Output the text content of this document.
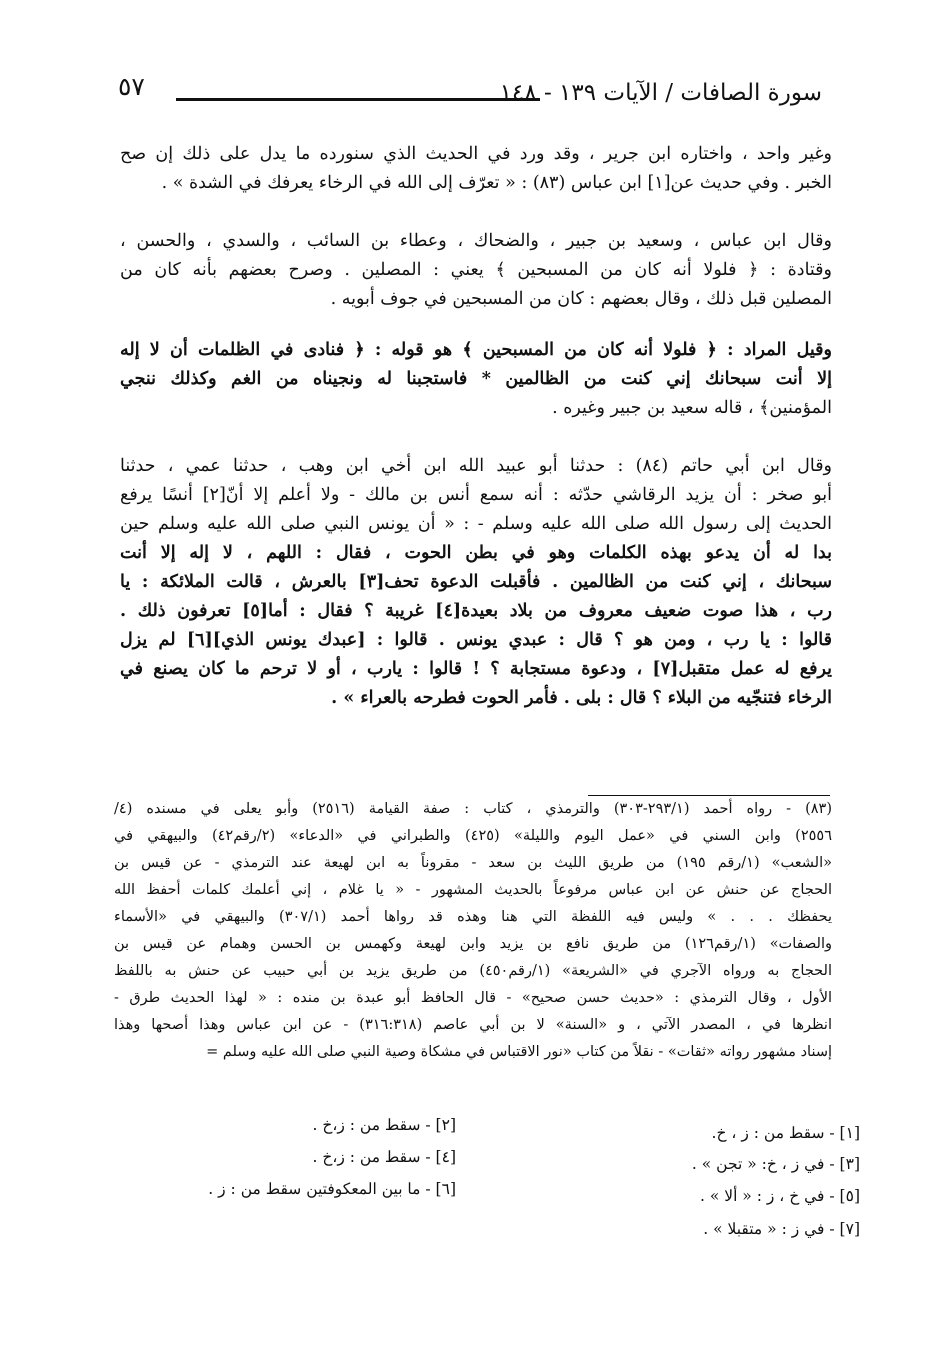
سورة الصافات / الآيات ١٣٩ - ١٤٨
٥٧
وغير واحد ، واختاره ابن جرير ، وقد ورد في الحديث الذي سنورده ما يدل على ذلك إن صح
الخبر . وفي حديث عن[١] ابن عباس (٨٣) : « تعرّف إلى الله في الرخاء يعرفك في الشدة » .
وقال ابن عباس ، وسعيد بن جبير ، والضحاك ، وعطاء بن السائب ، والسدي ، والحسن ،
وقتادة : ﴿ فلولا أنه كان من المسبحين ﴾ يعني : المصلين . وصرح بعضهم بأنه كان من
المصلين قبل ذلك ، وقال بعضهم : كان من المسبحين في جوف أبويه .
وقيل المراد : ﴿ فلولا أنه كان من المسبحين ﴾ هو قوله : ﴿ فنادى في الظلمات أن لا إله
إلا أنت سبحانك إني كنت من الظالمين * فاستجبنا له ونجيناه من الغم وكذلك ننجي
المؤمنين﴾ ، قاله سعيد بن جبير وغيره .
وقال ابن أبي حاتم (٨٤) : حدثنا أبو عبيد الله ابن أخي ابن وهب ، حدثنا عمي ، حدثنا
أبو صخر : أن يزيد الرقاشي حدّثه : أنه سمع أنس بن مالك - ولا أعلم إلا أنّ[٢] أنسًا يرفع
الحديث إلى رسول الله صلى الله عليه وسلم - : « أن يونس النبي صلى الله عليه وسلم حين
بدا له أن يدعو بهذه الكلمات وهو في بطن الحوت ، فقال : اللهم ، لا إله إلا أنت
سبحانك ، إني كنت من الظالمين . فأقبلت الدعوة تحف[٣] بالعرش ، قالت الملائكة : يا
رب ، هذا صوت ضعيف معروف من بلاد بعيدة[٤] غريبة ؟ فقال : أما[٥] تعرفون ذلك .
قالوا : يا رب ، ومن هو ؟ قال : عبدي يونس . قالوا : [عبدك يونس الذي][٦] لم يزل
يرفع له عمل متقبل[٧] ، ودعوة مستجابة ؟ ! قالوا : يارب ، أو لا ترحم ما كان يصنع في
الرخاء فتنجّيه من البلاء ؟ قال : بلى . فأمر الحوت فطرحه بالعراء » .
(٨٣) - رواه أحمد (٢٩٣/١-٣٠٣) والترمذي ، كتاب : صفة القيامة (٢٥١٦) وأبو يعلى في مسنده (٤/
٢٥٥٦) وابن السني في «عمل اليوم والليلة» (٤٢٥) والطبراني في «الدعاء» (٢/رقم٤٢) والبيهقي في
«الشعب» (١/رقم ١٩٥) من طريق الليث بن سعد - مقروناً به ابن لهيعة عند الترمذي - عن قيس بن
الحجاج عن حنش عن ابن عباس مرفوعاً بالحديث المشهور - « يا غلام ، إني أعلمك كلمات أحفظ الله
يحفظك . . . » وليس فيه اللفظة التي هنا وهذه قد رواها أحمد (٣٠٧/١) والبيهقي في «الأسماء
والصفات» (١/رقم١٢٦) من طريق نافع بن يزيد وابن لهيعة وكهمس بن الحسن وهمام عن قيس بن
الحجاج به ورواه الآجري في «الشريعة» (١/رقم٤٥٠) من طريق يزيد بن أبي حبيب عن حنش به باللفظ
الأول ، وقال الترمذي : «حديث حسن صحيح» - قال الحافظ أبو عبدة بن منده : « لهذا الحديث طرق -
انظرها في ، المصدر الآتي ، و «السنة» لا بن أبي عاصم (٣١٦:٣١٨) - عن ابن عباس وهذا أصحها وهذا
إسناد مشهور رواته «ثقات» - نقلاً من كتاب «نور الاقتباس في مشكاة وصية النبي صلى الله عليه وسلم =
[١] - سقط من : ز ، خ.
[٣] - في ز ، خ: « تجن » .
[٥] - في خ ، ز : « ألا » .
[٧] - في ز : « متقبلا » .
[٢] - سقط من : ز،خ .
[٤] - سقط من : ز،خ .
[٦] - ما بين المعكوفتين سقط من : ز .
